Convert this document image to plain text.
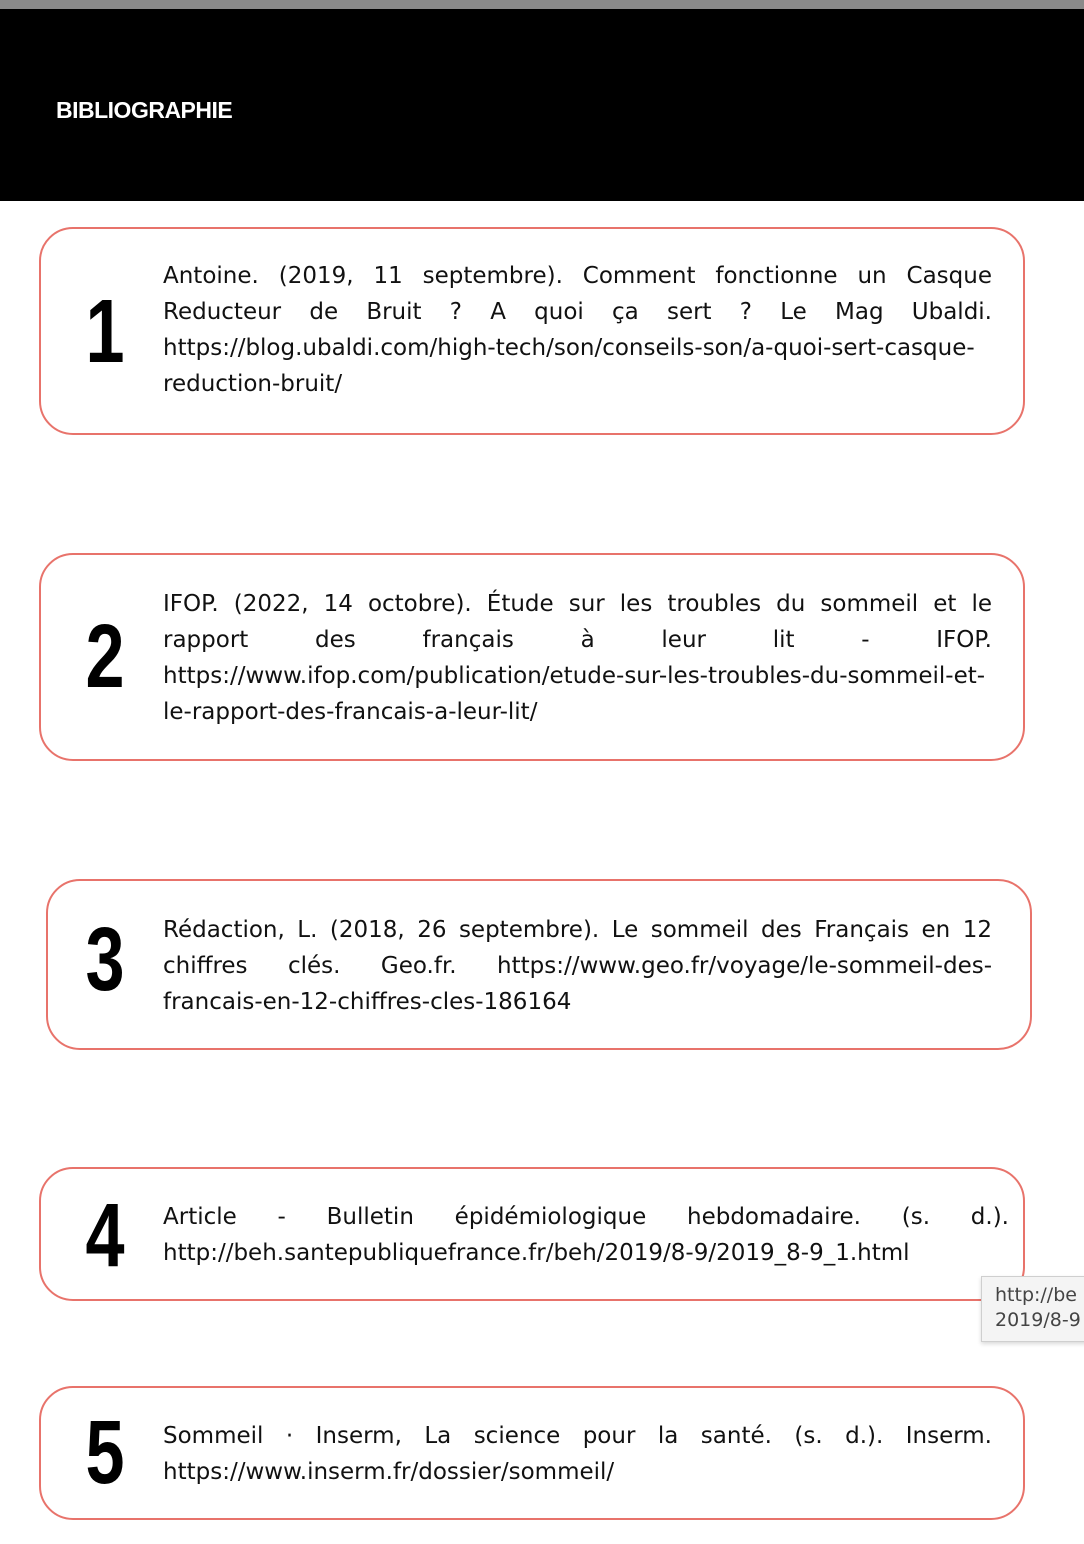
BIBLIOGRAPHIE
1
Antoine. (2019, 11 septembre). Comment fonctionne un Casque Reducteur de Bruit ? A quoi ça sert ? Le Mag Ubaldi. https://blog.ubaldi.com/high-tech/son/conseils-son/a-quoi-sert-casque-reduction-bruit/
2
IFOP. (2022, 14 octobre). Étude sur les troubles du sommeil et le rapport des français à leur lit - IFOP. https://www.ifop.com/publication/etude-sur-les-troubles-du-sommeil-et-le-rapport-des-francais-a-leur-lit/
3 Rédaction, L. (2018, 26 septembre). Le sommeil des Français en 12 chiffres clés. Geo.fr. https://www.geo.fr/voyage/le-sommeil-des-francais-en-12-chiffres-cles-186164
4 Article - Bulletin épidémiologique hebdomadaire. (s. d.). http://beh.santepubliquefrance.fr/beh/2019/8-9/2019_8-9_1.html
5 Sommeil · Inserm, La science pour la santé. (s. d.). Inserm. https://www.inserm.fr/dossier/sommeil/
http://be
2019/8-9
